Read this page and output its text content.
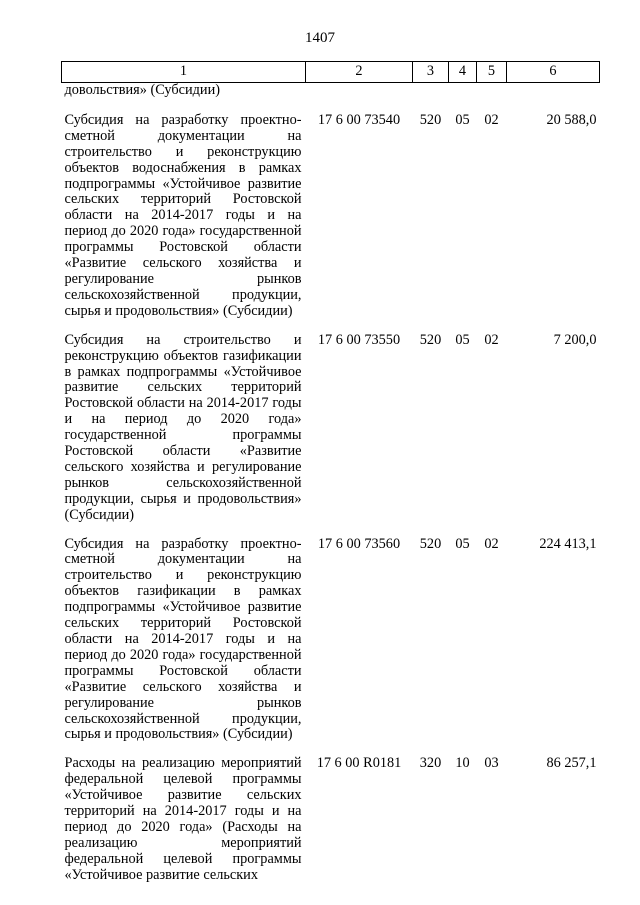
1407
1	2	3	4	5	6
довольствия» (Субсидии)					
Субсидия на разработку проектно-сметной документации на строительство и реконструкцию объектов водоснабжения в рамках подпрограммы «Устойчивое развитие сельских территорий Ростовской области на 2014-2017 годы и на период до 2020 года» государственной программы Ростовской области «Развитие сельского хозяйства и регулирование рынков сельскохозяйственной продукции, сырья и продовольствия» (Субсидии)	17 6 00 73540	520	05	02	20 588,0
Субсидия на строительство и реконструкцию объектов газификации в рамках подпрограммы «Устойчивое развитие сельских территорий Ростовской области на 2014-2017 годы и на период до 2020 года» государственной программы Ростовской области «Развитие сельского хозяйства и регулирование рынков сельскохозяйственной продукции, сырья и продовольствия» (Субсидии)	17 6 00 73550	520	05	02	7 200,0
Субсидия на разработку проектно-сметной документации на строительство и реконструкцию объектов газификации в рамках подпрограммы «Устойчивое развитие сельских территорий Ростовской области на 2014-2017 годы и на период до 2020 года» государственной программы Ростовской области «Развитие сельского хозяйства и регулирование рынков сельскохозяйственной продукции, сырья и продовольствия» (Субсидии)	17 6 00 73560	520	05	02	224 413,1
Расходы на реализацию мероприятий федеральной целевой программы «Устойчивое развитие сельских территорий на 2014-2017 годы и на период до 2020 года» (Расходы на реализацию мероприятий федеральной целевой программы «Устойчивое развитие сельских	17 6 00 R0181	320	10	03	86 257,1
